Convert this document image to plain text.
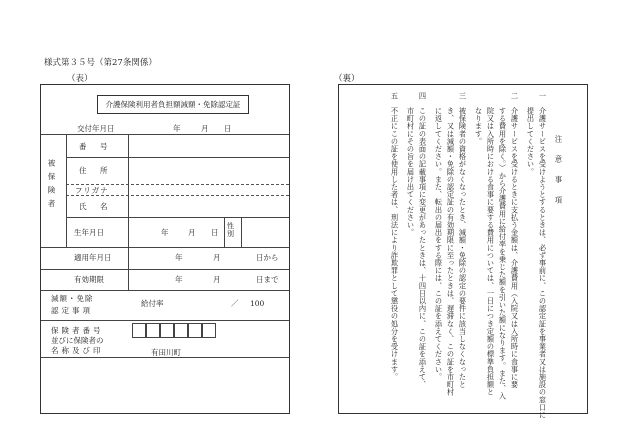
様式第３５号（第27条関係）
（表）	（裏）
介護保険利用者負担額減額・免除認定証
交付年月日	年	月 日
被保険者
番　号
住　所
フリガナ
氏　名
生年月日	年	月 日
性別
適用年月日	年	月	日から
有効期限	年	月	日まで
減額・免除
認定事項
給付率	／ 100
保険者番号
並びに保険者の
名称及び印	有田川町
注　意　事　項
一　介護サービスを受けようとするときは、必ず事前に、この認定証を事業者又は施設の窓口に
　　提出してください。
二　介護サービスを受けるときに支払う金額は、介護費用（入院又は入所時に食事に要
　　する費用を除く。）から介護費用に給付率を乗じた額を引いた額になります。また、入
　　院又は入所時における食事に要する費用については、一日につき定額の標準負担額と
　　なります。
三　被保険者の資格がなくなったとき、減額・免除の認定の要件に該当しなくなったと
　　き、又は減額・免除の認定証の有効期限に至ったときは、遅滞なく、この証を市町村
　　に返してください。また、転出の届出をする際には、この証を添えてください。
四　この証の表面の記載事項に変更があったときは、十四日以内に、この証を添えて、
　　市町村にその旨を届け出てください。
五　不正にこの証を使用した者は、刑法により詐欺罪として懲役の処分を受けます。
